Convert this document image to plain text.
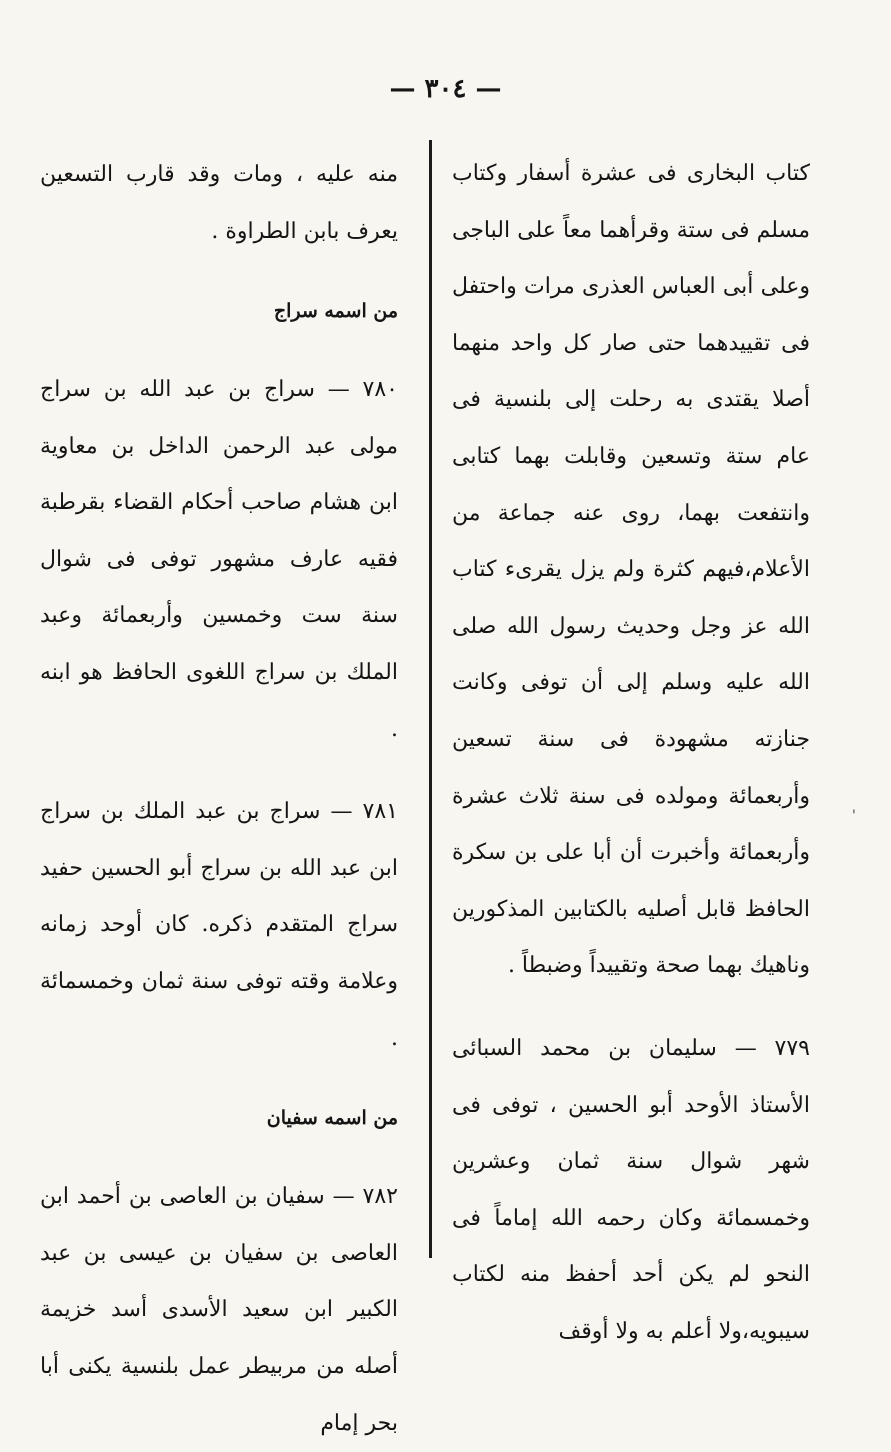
— ٣٠٤ —

كتاب البخارى فى عشرة أسفار وكتاب مسلم فى ستة وقرأهما معاً على الباجى وعلى أبى العباس العذرى مرات واحتفل فى تقييدهما حتى صار كل واحد منهما أصلا يقتدى به رحلت إلى بلنسية فى عام ستة وتسعين وقابلت بهما كتابى وانتفعت بهما، روى عنه جماعة من الأعلام،فيهم كثرة ولم يزل يقرىء كتاب الله عز وجل وحديث رسول الله صلى الله عليه وسلم إلى أن توفى وكانت جنازته مشهودة فى سنة تسعين وأربعمائة ومولده فى سنة ثلاث عشرة وأربعمائة وأخبرت أن أبا على بن سكرة الحافظ قابل أصليه بالكتابين المذكورين وناهيك بهما صحة وتقييداً وضبطاً .

٧٧٩ — سليمان بن محمد السبائى الأستاذ الأوحد أبو الحسين ، توفى فى شهر شوال سنة ثمان وعشرين وخمسمائة وكان رحمه الله إماماً فى النحو لم يكن أحد أحفظ منه لكتاب سيبويه،ولا أعلم به ولا أوقف

منه عليه ، ومات وقد قارب التسعين يعرف بابن الطراوة .

من اسمه سراج

٧٨٠ — سراج بن عبد الله بن سراج مولى عبد الرحمن الداخل بن معاوية ابن هشام صاحب أحكام القضاء بقرطبة فقيه عارف مشهور توفى فى شوال سنة ست وخمسين وأربعمائة وعبد الملك بن سراج اللغوى الحافظ هو ابنه .

٧٨١ — سراج بن عبد الملك بن سراج ابن عبد الله بن سراج أبو الحسين حفيد سراج المتقدم ذكره. كان أوحد زمانه وعلامة وقته توفى سنة ثمان وخمسمائة .

من اسمه سفيان

٧٨٢ — سفيان بن العاصى بن أحمد ابن العاصى بن سفيان بن عيسى بن عبد الكبير ابن سعيد الأسدى أسد خزيمة أصله من مربيطر عمل بلنسية يكنى أبا بحر إمام

'
